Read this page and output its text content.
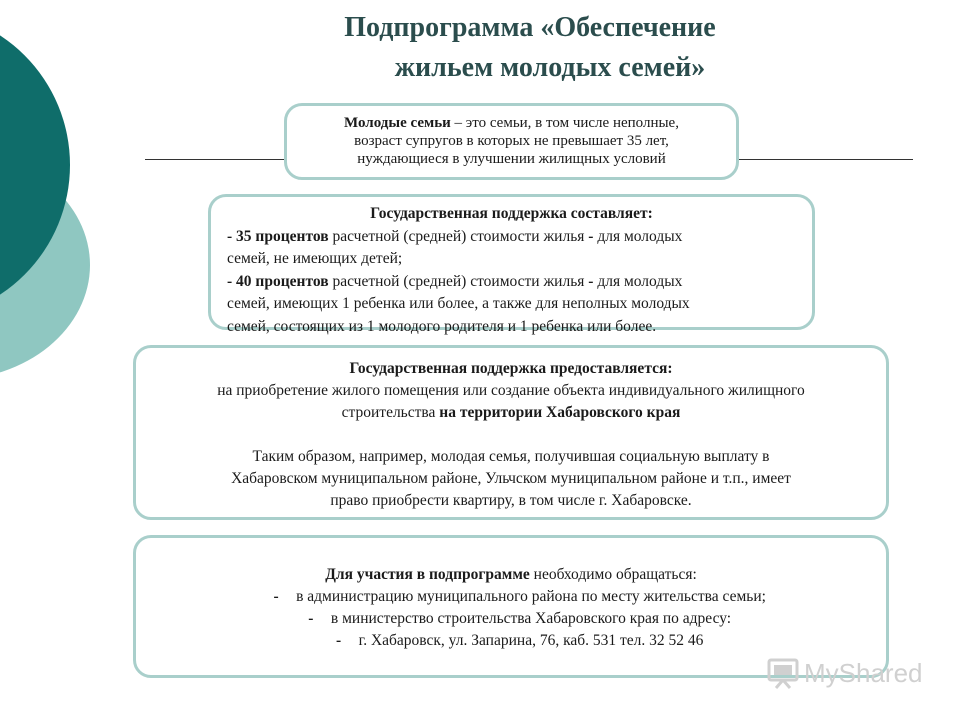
Подпрограмма «Обеспечение
жильем молодых семей»
Молодые семьи – это семьи, в том числе неполные,
возраст супругов в которых не превышает 35 лет,
нуждающиеся в улучшении жилищных условий
Государственная поддержка составляет:
- 35 процентов расчетной (средней) стоимости жилья - для молодых
семей, не имеющих детей;
- 40 процентов расчетной (средней) стоимости жилья - для молодых
семей, имеющих 1 ребенка или более, а также для неполных молодых
семей, состоящих из 1 молодого родителя и 1 ребенка или более.
Государственная поддержка предоставляется:
на приобретение жилого помещения или создание объекта индивидуального жилищного
строительства на территории Хабаровского края
Таким образом, например, молодая семья, получившая социальную выплату в
Хабаровском муниципальном районе, Ульчском муниципальном районе и т.п., имеет
право приобрести квартиру, в том числе г. Хабаровске.
Для участия в подпрограмме необходимо обращаться:
- в администрацию муниципального района по месту жительства семьи;
- в министерство строительства Хабаровского края по адресу:
- г. Хабаровск, ул. Запарина, 76, каб. 531 тел. 32 52 46
MyShared
